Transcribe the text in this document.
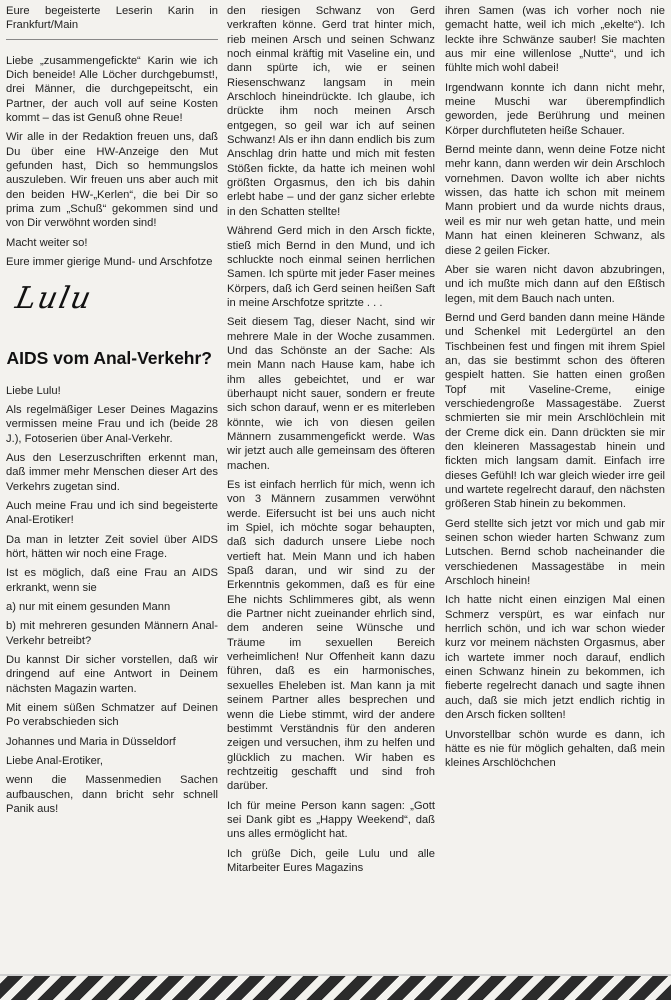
Eure begeisterte Leserin Karin in Frankfurt/Main

Liebe „zusammengefickte“ Karin wie ich Dich beneide! Alle Löcher durchgebumst!, drei Männer, die durchgepeitscht, ein Partner, der auch voll auf seine Kosten kommt – das ist Genuß ohne Reue!

Wir alle in der Redaktion freuen uns, daß Du über eine HW-Anzeige den Mut gefunden hast, Dich so hemmungslos auszuleben. Wir freuen uns aber auch mit den beiden HW-„Kerlen“, die bei Dir so prima zum „Schuß“ gekommen sind und von Dir verwöhnt worden sind!

Macht weiter so!

Eure immer gierige Mund- und Arschfotze

Lulu
AIDS vom Anal-Verkehr?

Liebe Lulu!

Als regelmäßiger Leser Deines Magazins vermissen meine Frau und ich (beide 28 J.), Fotoserien über Anal-Verkehr.

Aus den Leserzuschriften erkennt man, daß immer mehr Menschen dieser Art des Verkehrs zugetan sind.

Auch meine Frau und ich sind begeisterte Anal-Erotiker!

Da man in letzter Zeit soviel über AIDS hört, hätten wir noch eine Frage.

Ist es möglich, daß eine Frau an AIDS erkrankt, wenn sie

a) nur mit einem gesunden Mann

b) mit mehreren gesunden Männern Anal-Verkehr betreibt?

Du kannst Dir sicher vorstellen, daß wir dringend auf eine Antwort in Deinem nächsten Magazin warten.

Mit einem süßen Schmatzer auf Deinen Po verabschieden sich

Johannes und Maria in Düsseldorf

Liebe Anal-Erotiker,

wenn die Massenmedien Sachen aufbauschen, dann bricht sehr schnell Panik aus!

den riesigen Schwanz von Gerd verkraften könne. Gerd trat hinter mich, rieb meinen Arsch und seinen Schwanz noch einmal kräftig mit Vaseline ein, und dann spürte ich, wie er seinen Riesenschwanz langsam in mein Arschloch hineindrückte. Ich glaube, ich drückte ihm noch meinen Arsch entgegen, so geil war ich auf seinen Schwanz! Als er ihn dann endlich bis zum Anschlag drin hatte und mich mit festen Stößen fickte, da hatte ich meinen wohl größten Orgasmus, den ich bis dahin erlebt habe – und der ganz sicher erlebte in den Schatten stellte!

Während Gerd mich in den Arsch fickte, stieß mich Bernd in den Mund, und ich schluckte noch einmal seinen herrlichen Samen. Ich spürte mit jeder Faser meines Körpers, daß ich Gerd seinen heißen Saft in meine Arschfotze spritzte . . .

Seit diesem Tag, dieser Nacht, sind wir mehrere Male in der Woche zusammen. Und das Schönste an der Sache: Als mein Mann nach Hause kam, habe ich ihm alles gebeichtet, und er war überhaupt nicht sauer, sondern er freute sich schon darauf, wenn er es miterleben könnte, wie ich von diesen geilen Männern zusammengefickt werde. Was wir jetzt auch alle gemeinsam des öfteren machen.

Es ist einfach herrlich für mich, wenn ich von 3 Männern zusammen verwöhnt werde. Eifersucht ist bei uns auch nicht im Spiel, ich möchte sogar behaupten, daß sich dadurch unsere Liebe noch vertieft hat. Mein Mann und ich haben Spaß daran, und wir sind zu der Erkenntnis gekommen, daß es für eine Ehe nichts Schlimmeres gibt, als wenn die Partner nicht zueinander ehrlich sind, dem anderen seine Wünsche und Träume im sexuellen Bereich verheimlichen! Nur Offenheit kann dazu führen, daß es ein harmonisches, sexuelles Eheleben ist. Man kann ja mit seinem Partner alles besprechen und wenn die Liebe stimmt, wird der andere bestimmt Verständnis für den anderen zeigen und versuchen, ihm zu helfen und glücklich zu machen. Wir haben es rechtzeitig geschafft und sind froh darüber.

Ich für meine Person kann sagen: „Gott sei Dank gibt es „Happy Weekend“, daß uns alles ermöglicht hat.

Ich grüße Dich, geile Lulu und alle Mitarbeiter Eures Magazins

ihren Samen (was ich vorher noch nie gemacht hatte, weil ich mich „ekelte“). Ich leckte ihre Schwänze sauber! Sie machten aus mir eine willenlose „Nutte“, und ich fühlte mich wohl dabei!

Irgendwann konnte ich dann nicht mehr, meine Muschi war überempfindlich geworden, jede Berührung und meinen Körper durchfluteten heiße Schauer.

Bernd meinte dann, wenn deine Fotze nicht mehr kann, dann werden wir dein Arschloch vornehmen. Davon wollte ich aber nichts wissen, das hatte ich schon mit meinem Mann probiert und da wurde nichts draus, weil es mir nur weh getan hatte, und mein Mann hat einen kleineren Schwanz, als diese 2 geilen Ficker.

Aber sie waren nicht davon abzubringen, und ich mußte mich dann auf den Eßtisch legen, mit dem Bauch nach unten.

Bernd und Gerd banden dann meine Hände und Schenkel mit Ledergürtel an den Tischbeinen fest und fingen mit ihrem Spiel an, das sie bestimmt schon des öfteren gespielt hatten. Sie hatten einen großen Topf mit Vaseline-Creme, einige verschiedengroße Massagestäbe. Zuerst schmierten sie mir mein Arschlöchlein mit der Creme dick ein. Dann drückten sie mir den kleineren Massagestab hinein und fickten mich langsam damit. Einfach irre dieses Gefühl! Ich war gleich wieder irre geil und wartete regelrecht darauf, den nächsten größeren Stab hinein zu bekommen.

Gerd stellte sich jetzt vor mich und gab mir seinen schon wieder harten Schwanz zum Lutschen. Bernd schob nacheinander die verschiedenen Massagestäbe in mein Arschloch hinein!

Ich hatte nicht einen einzigen Mal einen Schmerz verspürt, es war einfach nur herrlich schön, und ich war schon wieder kurz vor meinem nächsten Orgasmus, aber ich wartete immer noch darauf, endlich einen Schwanz hinein zu bekommen, ich fieberte regelrecht danach und sagte ihnen auch, daß sie mich jetzt endlich richtig in den Arsch ficken sollten!

Unvorstellbar schön wurde es dann, ich hätte es nie für möglich gehalten, daß mein kleines Arschlöchchen
